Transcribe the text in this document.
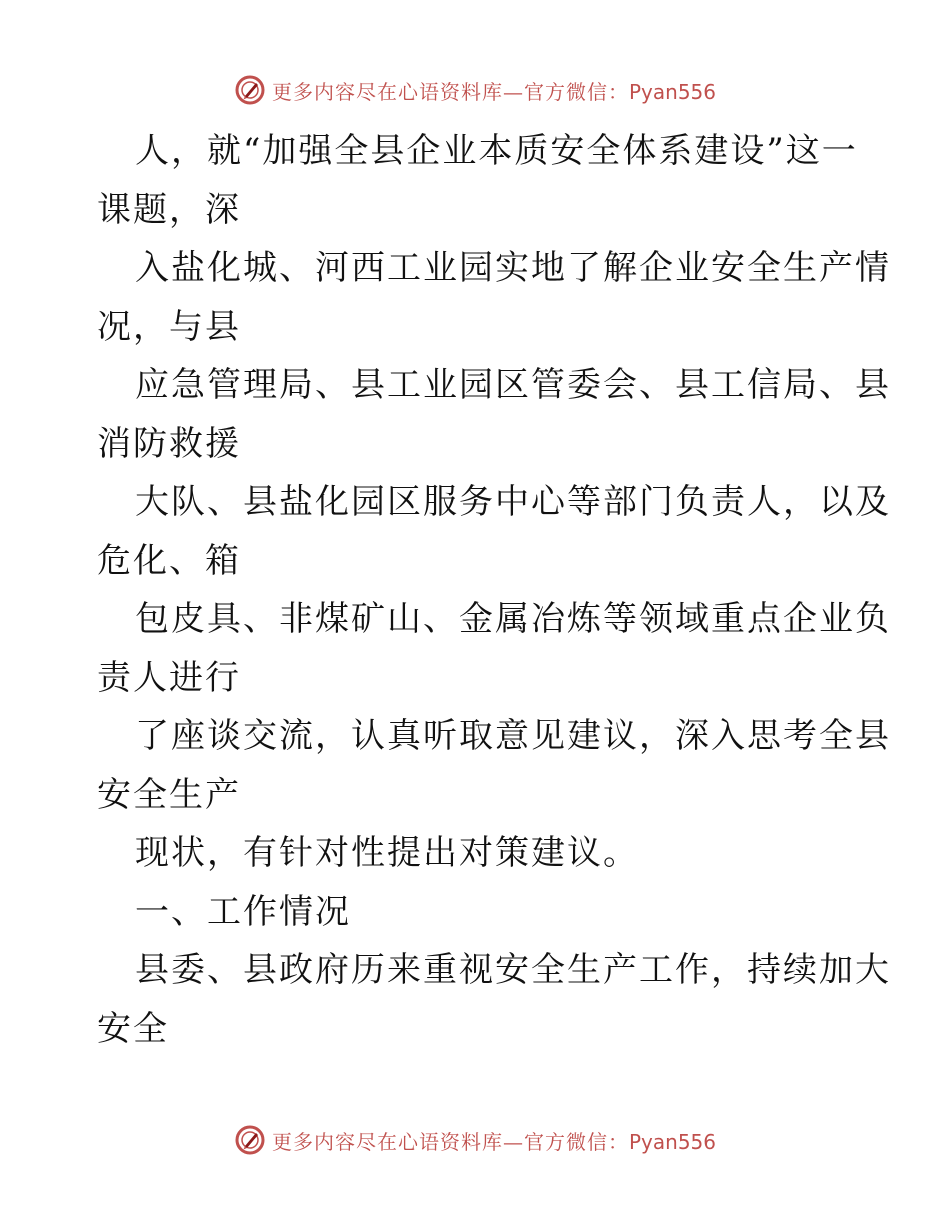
更多内容尽在心语资料库—官方微信：Pyan556
人，就“加强全县企业本质安全体系建设”这一
课题，深
入盐化城、河西工业园实地了解企业安全生产情
况，与县
应急管理局、县工业园区管委会、县工信局、县
消防救援
大队、县盐化园区服务中心等部门负责人，以及
危化、箱
包皮具、非煤矿山、金属冶炼等领域重点企业负
责人进行
了座谈交流，认真听取意见建议，深入思考全县
安全生产
现状，有针对性提出对策建议。
一、工作情况
县委、县政府历来重视安全生产工作，持续加大
安全
更多内容尽在心语资料库—官方微信：Pyan556
